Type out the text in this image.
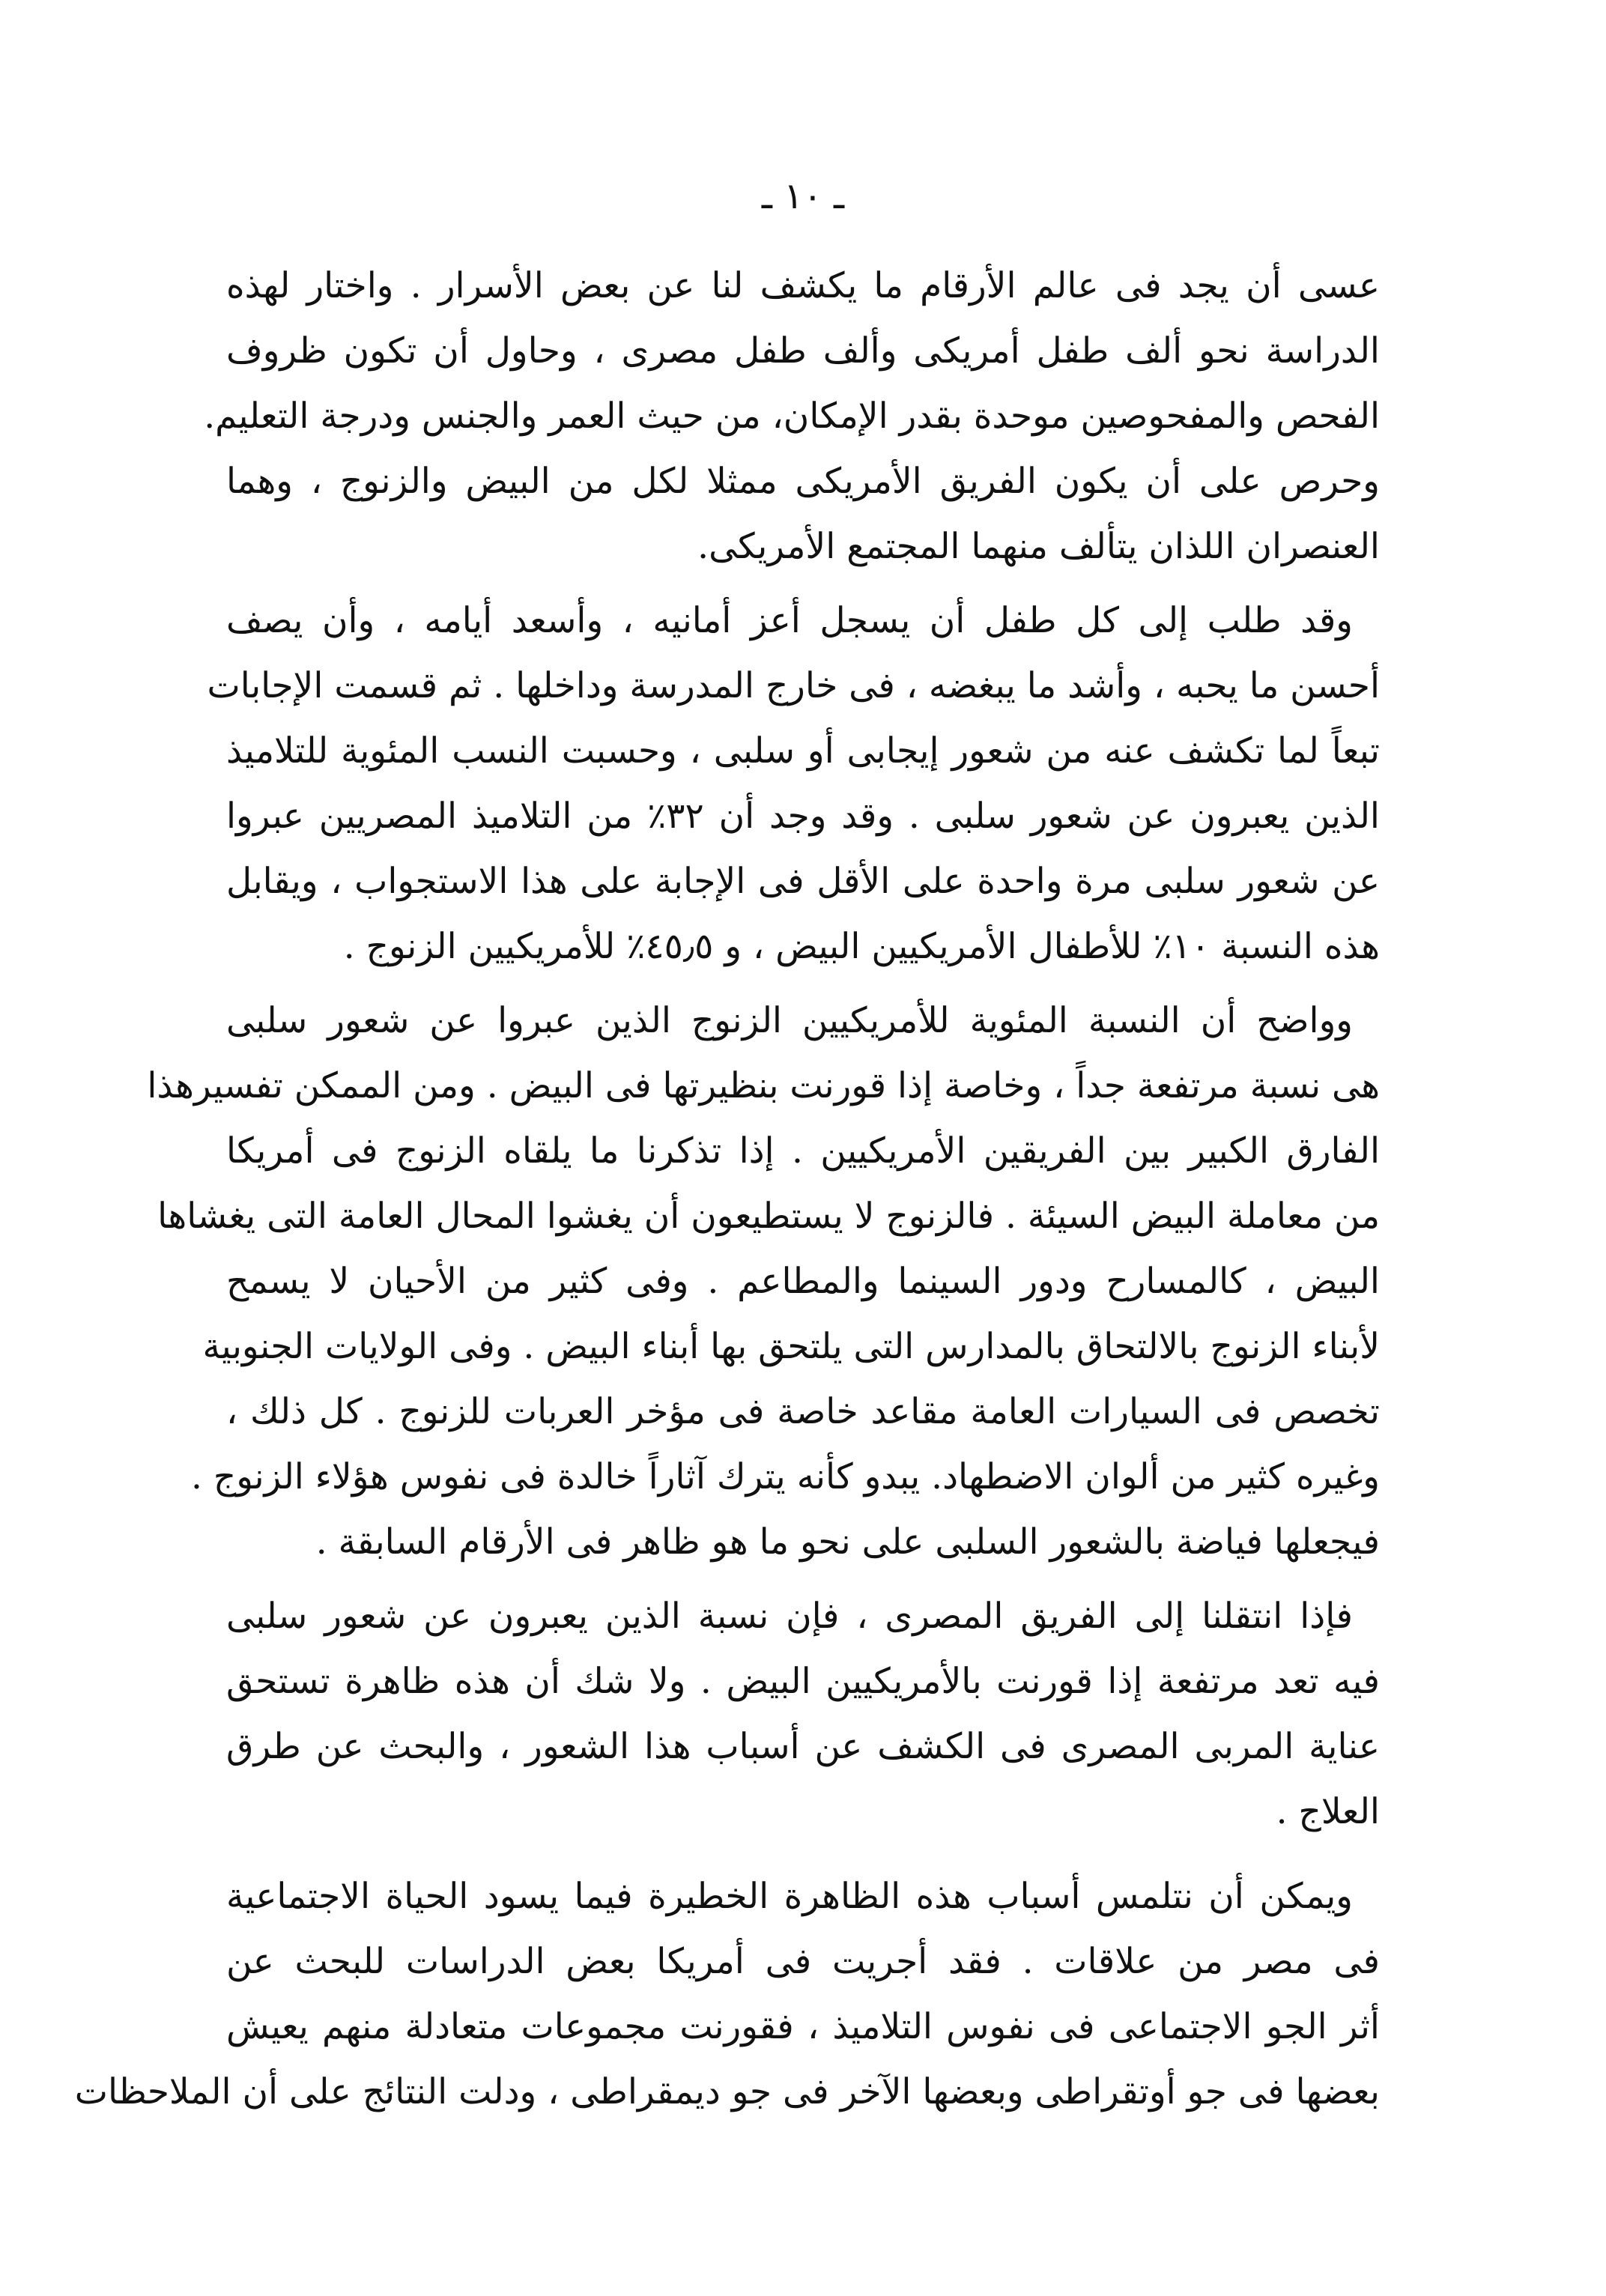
ـ ١٠ ـ
عسى أن يجد فى عالم الأرقام ما يكشف لنا عن بعض الأسرار . واختار لهذه
الدراسة نحو ألف طفل أمريكى وألف طفل مصرى ، وحاول أن تكون ظروف
الفحص والمفحوصين موحدة بقدر الإمكان، من حيث العمر والجنس ودرجة التعليم.
وحرص على أن يكون الفريق الأمريكى ممثلا لكل من البيض والزنوج ، وهما
العنصران اللذان يتألف منهما المجتمع الأمريكى.
وقد طلب إلى كل طفل أن يسجل أعز أمانيه ، وأسعد أيامه ، وأن يصف
أحسن ما يحبه ، وأشد ما يبغضه ، فى خارج المدرسة وداخلها . ثم قسمت الإجابات
تبعاً لما تكشف عنه من شعور إيجابى أو سلبى ، وحسبت النسب المئوية للتلاميذ
الذين يعبرون عن شعور سلبى . وقد وجد أن ٣٢٪ من التلاميذ المصريين عبروا
عن شعور سلبى مرة واحدة على الأقل فى الإجابة على هذا الاستجواب ، ويقابل
هذه النسبة ١٠٪ للأطفال الأمريكيين البيض ، و ٤٥٫٥٪ للأمريكيين الزنوج .
وواضح أن النسبة المئوية للأمريكيين الزنوج الذين عبروا عن شعور سلبى
هى نسبة مرتفعة جداً ، وخاصة إذا قورنت بنظيرتها فى البيض . ومن الممكن تفسيرهذا
الفارق الكبير بين الفريقين الأمريكيين . إذا تذكرنا ما يلقاه الزنوج فى أمريكا
من معاملة البيض السيئة . فالزنوج لا يستطيعون أن يغشوا المحال العامة التى يغشاها
البيض ، كالمسارح ودور السينما والمطاعم . وفى كثير من الأحيان لا يسمح
لأبناء الزنوج بالالتحاق بالمدارس التى يلتحق بها أبناء البيض . وفى الولايات الجنوبية
تخصص فى السيارات العامة مقاعد خاصة فى مؤخر العربات للزنوج . كل ذلك ،
وغيره كثير من ألوان الاضطهاد. يبدو كأنه يترك آثاراً خالدة فى نفوس هؤلاء الزنوج .
فيجعلها فياضة بالشعور السلبى على نحو ما هو ظاهر فى الأرقام السابقة .
فإذا انتقلنا إلى الفريق المصرى ، فإن نسبة الذين يعبرون عن شعور سلبى
فيه تعد مرتفعة إذا قورنت بالأمريكيين البيض . ولا شك أن هذه ظاهرة تستحق
عناية المربى المصرى فى الكشف عن أسباب هذا الشعور ، والبحث عن طرق
العلاج .
ويمكن أن نتلمس أسباب هذه الظاهرة الخطيرة فيما يسود الحياة الاجتماعية
فى مصر من علاقات . فقد أجريت فى أمريكا بعض الدراسات للبحث عن
أثر الجو الاجتماعى فى نفوس التلاميذ ، فقورنت مجموعات متعادلة منهم يعيش
بعضها فى جو أوتقراطى وبعضها الآخر فى جو ديمقراطى ، ودلت النتائج على أن الملاحظات
